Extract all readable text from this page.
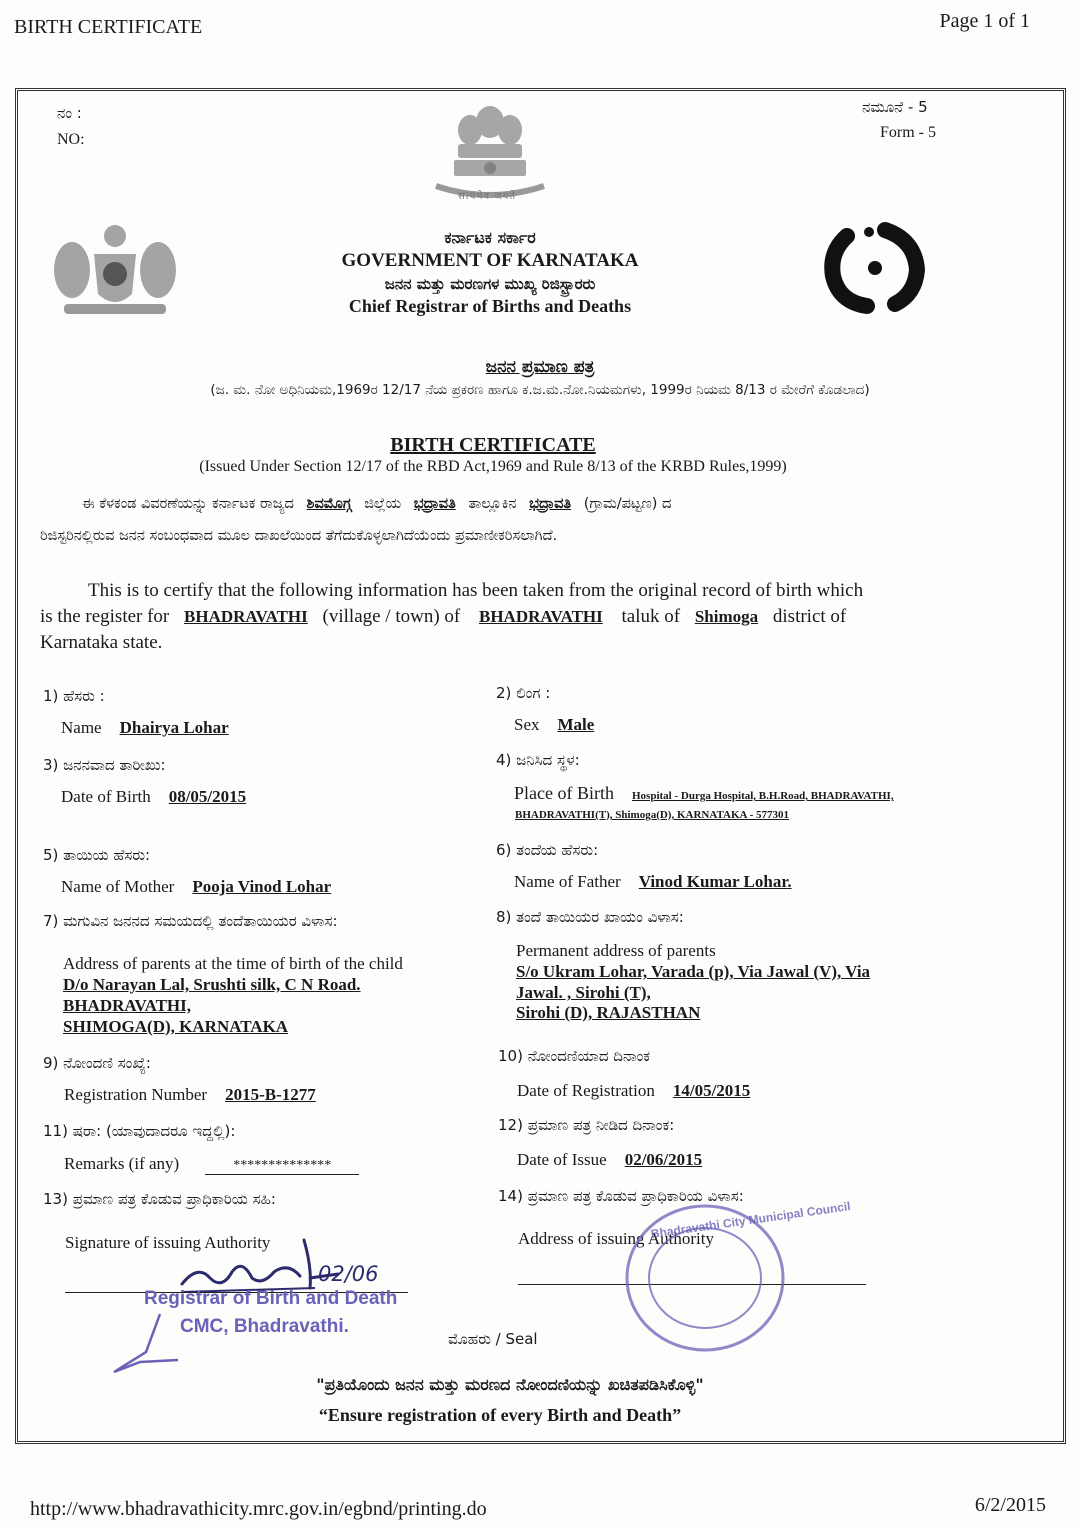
BIRTH CERTIFICATE	Page 1 of 1
ನಂ :
NO:
ನಮೂನೆ - 5
Form - 5
सत्यमेव जयते
ಕರ್ನಾಟಕ ಸರ್ಕಾರ
GOVERNMENT OF KARNATAKA
ಜನನ ಮತ್ತು ಮರಣಗಳ ಮುಖ್ಯ ರಿಜಿಸ್ಟ್ರಾರರು
Chief Registrar of Births and Deaths
ಜನನ ಪ್ರಮಾಣ ಪತ್ರ
(ಜ. ಮ. ನೋ ಅಧಿನಿಯಮ,1969ರ 12/17 ನೆಯ ಪ್ರಕರಣ ಹಾಗೂ ಕ.ಜ.ಮ.ನೋ.ನಿಯಮಗಳು, 1999ರ ನಿಯಮ 8/13 ರ ಮೇರೆಗೆ ಕೊಡಲಾದ)
BIRTH CERTIFICATE
(Issued Under Section 12/17 of the RBD Act,1969 and Rule 8/13 of the KRBD Rules,1999)
ಈ ಕೆಳಕಂಡ ವಿವರಣೆಯನ್ನು ಕರ್ನಾಟಕ ರಾಜ್ಯದ ಶಿವಮೊಗ್ಗ ಜಿಲ್ಲೆಯ ಭದ್ರಾವತಿ ತಾಲ್ಲೂಕಿನ ಭದ್ರಾವತಿ (ಗ್ರಾಮ/ಪಟ್ಟಣ) ದ
ರಿಜಿಸ್ಟರಿನಲ್ಲಿರುವ ಜನನ ಸಂಬಂಧವಾದ ಮೂಲ ದಾಖಲೆಯಿಂದ ತೆಗೆದುಕೊಳ್ಳಲಾಗಿದೆಯೆಂದು ಪ್ರಮಾಣೀಕರಿಸಲಾಗಿದೆ.
This is to certify that the following information has been taken from the original record of birth which
is the register for BHADRAVATHI (village / town) of BHADRAVATHI taluk of Shimoga district of
Karnataka state.
1) ಹೆಸರು :
Name Dhairya Lohar
3) ಜನನವಾದ ತಾರೀಖು:
Date of Birth 08/05/2015
5) ತಾಯಿಯ ಹೆಸರು:
Name of Mother Pooja Vinod Lohar
7) ಮಗುವಿನ ಜನನದ ಸಮಯದಲ್ಲಿ ತಂದೆತಾಯಿಯರ ವಿಳಾಸ:
Address of parents at the time of birth of the child
D/o Narayan Lal, Srushti silk, C N Road.
BHADRAVATHI,
SHIMOGA(D), KARNATAKA
9) ನೋಂದಣಿ ಸಂಖ್ಯೆ:
Registration Number 2015-B-1277
11) ಷರಾ: (ಯಾವುದಾದರೂ ಇದ್ದಲ್ಲಿ):
Remarks (if any)	**************
13) ಪ್ರಮಾಣ ಪತ್ರ ಕೊಡುವ ಪ್ರಾಧಿಕಾರಿಯ ಸಹಿ:
Signature of issuing Authority
02/06
Registrar of Birth and Death
CMC, Bhadravathi.
2) ಲಿಂಗ :
Sex Male
4) ಜನಿಸಿದ ಸ್ಥಳ:
Place of Birth Hospital - Durga Hospital, B.H.Road, BHADRAVATHI,
BHADRAVATHI(T), Shimoga(D), KARNATAKA - 577301
6) ತಂದೆಯ ಹೆಸರು:
Name of Father Vinod Kumar Lohar.
8) ತಂದೆ ತಾಯಿಯರ ಖಾಯಂ ವಿಳಾಸ:
Permanent address of parents
S/o Ukram Lohar, Varada (p), Via Jawal (V), Via
Jawal. , Sirohi (T),
Sirohi (D), RAJASTHAN
10) ನೋಂದಣಿಯಾದ ದಿನಾಂಕ
Date of Registration 14/05/2015
12) ಪ್ರಮಾಣ ಪತ್ರ ನೀಡಿದ ದಿನಾಂಕ:
Date of Issue 02/06/2015
14) ಪ್ರಮಾಣ ಪತ್ರ ಕೊಡುವ ಪ್ರಾಧಿಕಾರಿಯ ವಿಳಾಸ:
Address of issuing Authority
Bhadravathi City Municipal Council
ಮೊಹರು / Seal
"ಪ್ರತಿಯೊಂದು ಜನನ ಮತ್ತು ಮರಣದ ನೋಂದಣಿಯನ್ನು ಖಚಿತಪಡಿಸಿಕೊಳ್ಳಿ"
“Ensure registration of every Birth and Death”
http://www.bhadravathicity.mrc.gov.in/egbnd/printing.do	6/2/2015
